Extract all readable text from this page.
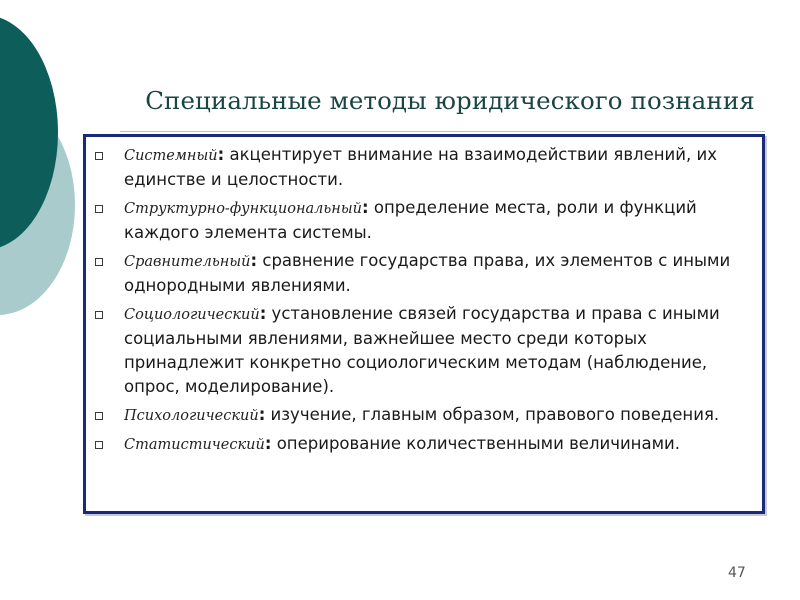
Специальные методы юридического познания
Системный: акцентирует внимание на взаимодействии явлений, их единстве и целостности.
Структурно-функциональный: определение места, роли и функций каждого элемента системы.
Сравнительный: сравнение государства права, их элементов с иными однородными явлениями.
Социологический: установление связей государства и права с иными социальными явлениями, важнейшее место среди которых принадлежит конкретно социологическим методам (наблюдение, опрос, моделирование).
Психологический: изучение, главным образом, правового поведения.
Статистический: оперирование количественными величинами.
47
